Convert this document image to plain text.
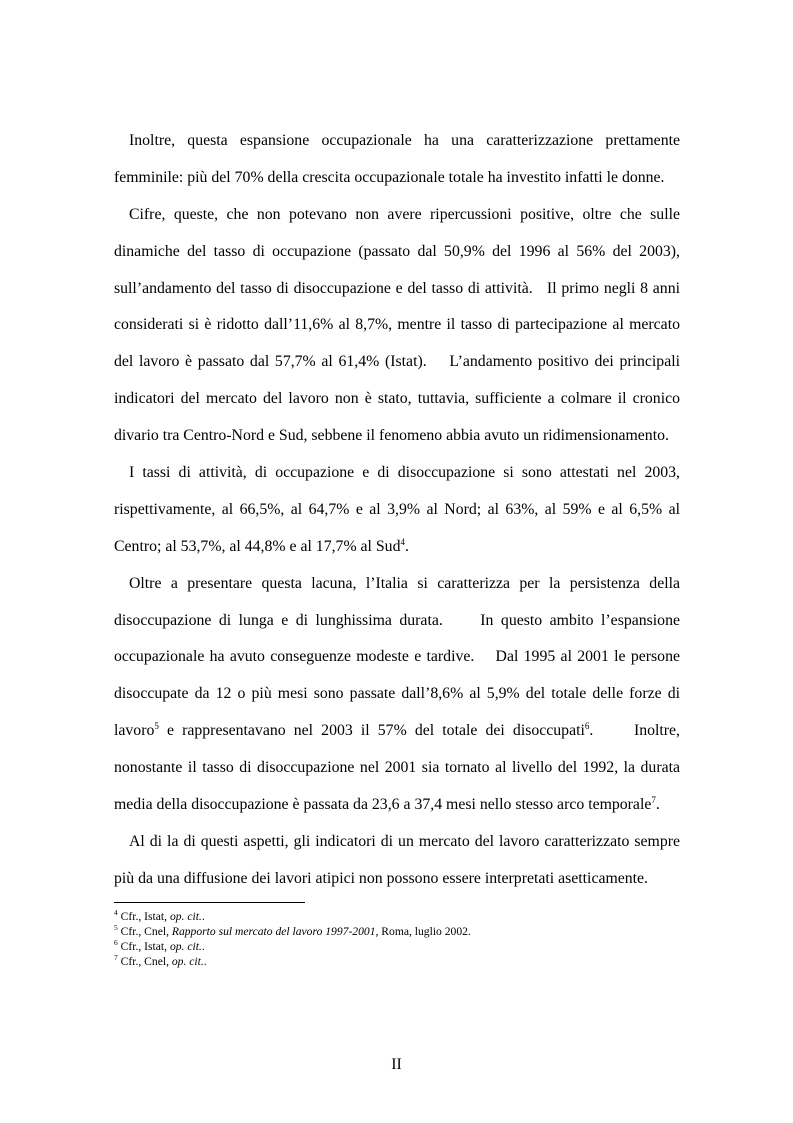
Inoltre, questa espansione occupazionale ha una caratterizzazione prettamente
femminile: più del 70% della crescita occupazionale totale ha investito infatti le donne.

Cifre, queste, che non potevano non avere ripercussioni positive, oltre che sulle
dinamiche del tasso di occupazione (passato dal 50,9% del 1996 al 56% del 2003),
sull’andamento del tasso di disoccupazione e del tasso di attività.   Il primo negli 8 anni
considerati si è ridotto dall’11,6% al 8,7%, mentre il tasso di partecipazione al mercato
del lavoro è passato dal 57,7% al 61,4% (Istat).    L’andamento positivo dei principali
indicatori del mercato del lavoro non è stato, tuttavia, sufficiente a colmare il cronico
divario tra Centro-Nord e Sud, sebbene il fenomeno abbia avuto un ridimensionamento.

I tassi di attività, di occupazione e di disoccupazione si sono attestati nel 2003,
rispettivamente, al 66,5%, al 64,7% e al 3,9% al Nord; al 63%, al 59% e al 6,5% al
Centro; al 53,7%, al 44,8% e al 17,7% al Sud$^4$.

Oltre a presentare questa lacuna, l’Italia si caratterizza per la persistenza della
disoccupazione di lunga e di lunghissima durata.     In questo ambito l’espansione
occupazionale ha avuto conseguenze modeste e tardive.    Dal 1995 al 2001 le persone
disoccupate da 12 o più mesi sono passate dall’8,6% al 5,9% del totale delle forze di
lavoro$^5$ e rappresentavano nel 2003 il 57% del totale dei disoccupati$^6$.     Inoltre,
nonostante il tasso di disoccupazione nel 2001 sia tornato al livello del 1992, la durata
media della disoccupazione è passata da 23,6 a 37,4 mesi nello stesso arco temporale$^7$.

Al di la di questi aspetti, gli indicatori di un mercato del lavoro caratterizzato sempre
più da una diffusione dei lavori atipici non possono essere interpretati asetticamente.

$^4$ Cfr., Istat, op. cit..
$^5$ Cfr., Cnel, Rapporto sul mercato del lavoro 1997-2001, Roma, luglio 2002.
$^6$ Cfr., Istat, op. cit..
$^7$ Cfr., Cnel, op. cit..
II
